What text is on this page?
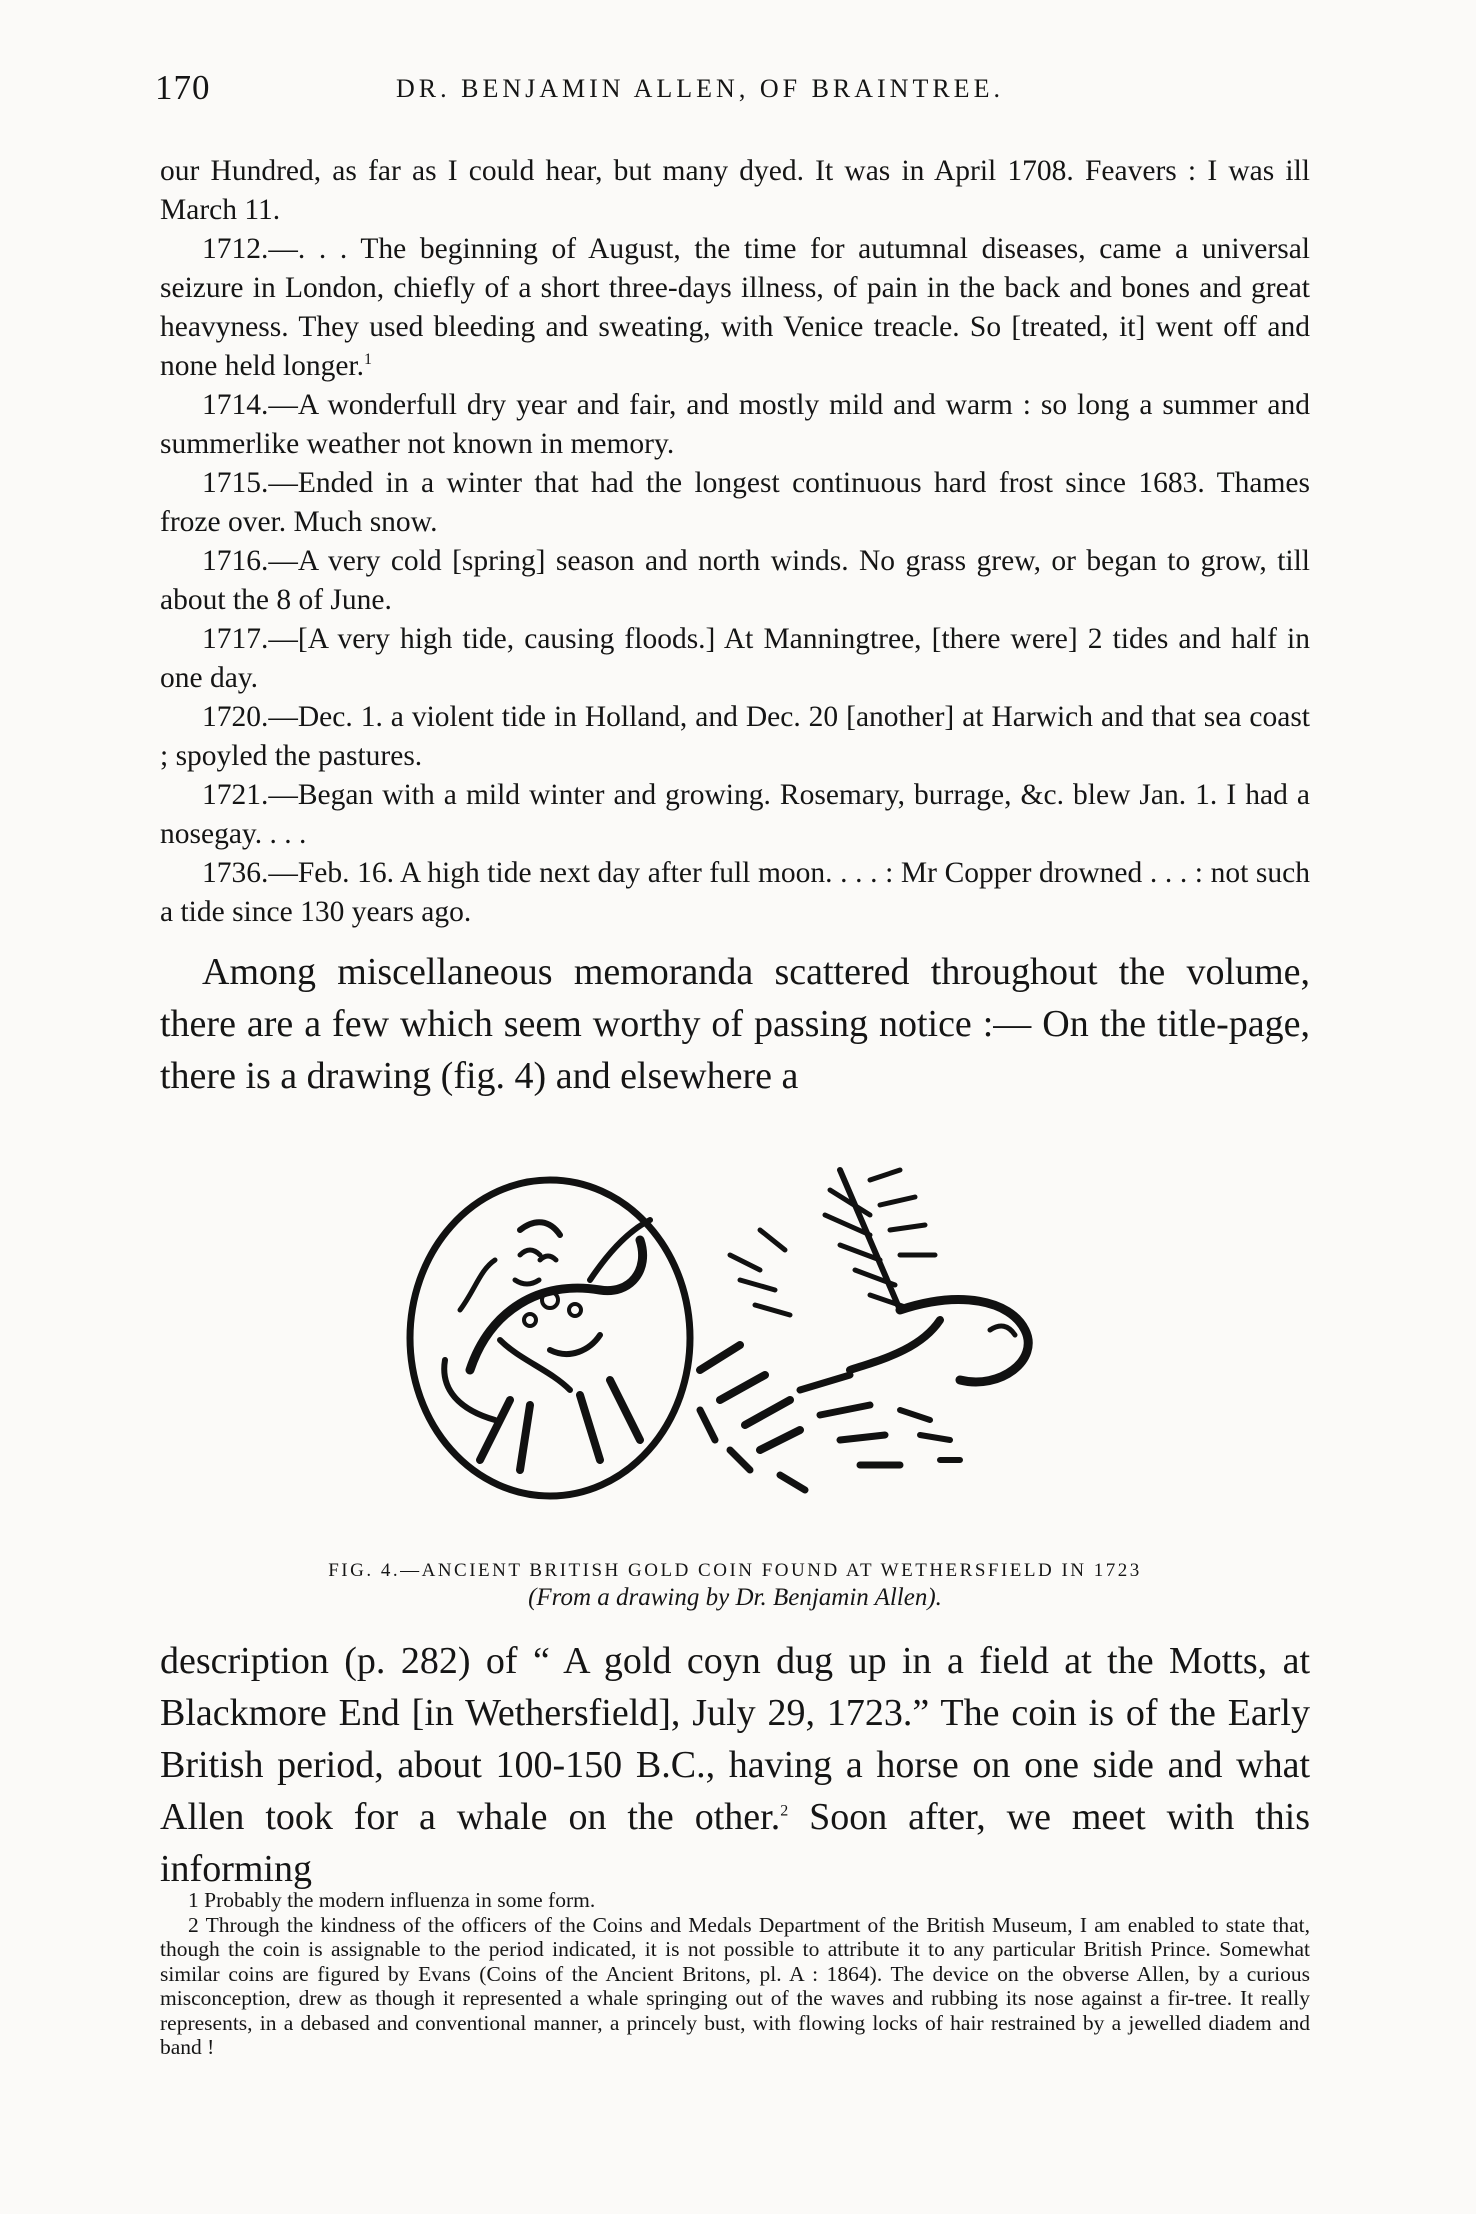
170	DR. BENJAMIN ALLEN, OF BRAINTREE.

our Hundred, as far as I could hear, but many dyed. It was in April 1708. Feavers : I was ill March 11.

1712.—. . . The beginning of August, the time for autumnal diseases, came a universal seizure in London, chiefly of a short three-days illness, of pain in the back and bones and great heavyness. They used bleeding and sweating, with Venice treacle. So [treated, it] went off and none held longer.$^1$

1714.—A wonderfull dry year and fair, and mostly mild and warm : so long a summer and summerlike weather not known in memory.

1715.—Ended in a winter that had the longest continuous hard frost since 1683. Thames froze over. Much snow.

1716.—A very cold [spring] season and north winds. No grass grew, or began to grow, till about the 8 of June.

1717.—[A very high tide, causing floods.] At Manningtree, [there were] 2 tides and half in one day.

1720.—Dec. 1. a violent tide in Holland, and Dec. 20 [another] at Harwich and that sea coast ; spoyled the pastures.

1721.—Began with a mild winter and growing. Rosemary, burrage, &c. blew Jan. 1. I had a nosegay. . . .

1736.—Feb. 16. A high tide next day after full moon. . . . : Mr Copper drowned . . . : not such a tide since 130 years ago.

Among miscellaneous memoranda scattered throughout the volume, there are a few which seem worthy of passing notice :— On the title-page, there is a drawing (fig. 4) and elsewhere a

FIG. 4.—ANCIENT BRITISH GOLD COIN FOUND AT WETHERSFIELD IN 1723
(From a drawing by Dr. Benjamin Allen).

description (p. 282) of “ A gold coyn dug up in a field at the Motts, at Blackmore End [in Wethersfield], July 29, 1723.” The coin is of the Early British period, about 100-150 B.C., having a horse on one side and what Allen took for a whale on the other.$^2$ Soon after, we meet with this informing

1 Probably the modern influenza in some form.

2 Through the kindness of the officers of the Coins and Medals Department of the British Museum, I am enabled to state that, though the coin is assignable to the period indicated, it is not possible to attribute it to any particular British Prince. Somewhat similar coins are figured by Evans (Coins of the Ancient Britons, pl. A : 1864). The device on the obverse Allen, by a curious misconception, drew as though it represented a whale springing out of the waves and rubbing its nose against a fir-tree. It really represents, in a debased and conventional manner, a princely bust, with flowing locks of hair restrained by a jewelled diadem and band !
